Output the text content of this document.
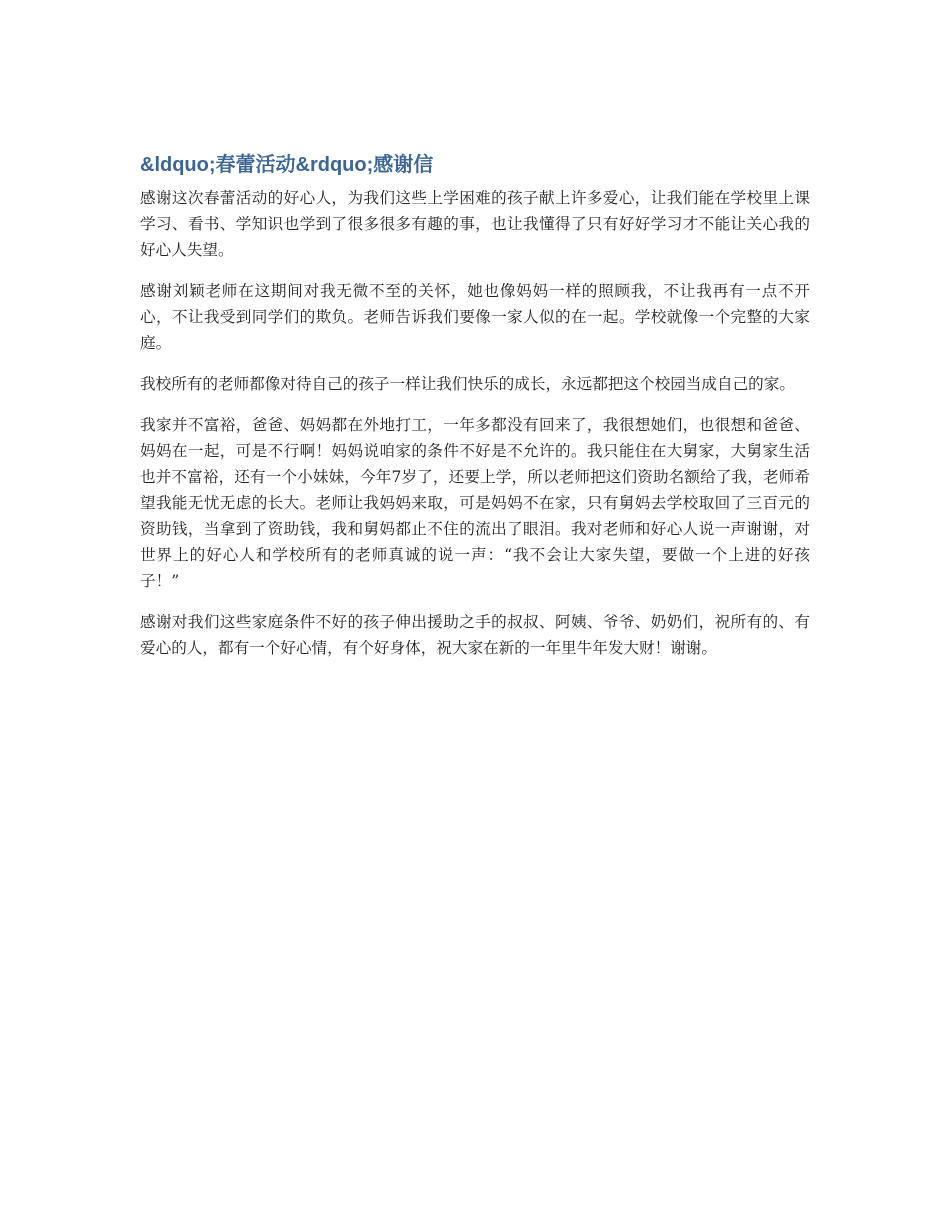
&ldquo;春蕾活动&rdquo;感谢信

感谢这次春蕾活动的好心人，为我们这些上学困难的孩子献上许多爱心，让我们能在学校里上课学习、看书、学知识也学到了很多很多有趣的事，也让我懂得了只有好好学习才不能让关心我的好心人失望。

感谢刘颖老师在这期间对我无微不至的关怀，她也像妈妈一样的照顾我，不让我再有一点不开心，不让我受到同学们的欺负。老师告诉我们要像一家人似的在一起。学校就像一个完整的大家庭。

我校所有的老师都像对待自己的孩子一样让我们快乐的成长，永远都把这个校园当成自己的家。

我家并不富裕，爸爸、妈妈都在外地打工，一年多都没有回来了，我很想她们，也很想和爸爸、妈妈在一起，可是不行啊！妈妈说咱家的条件不好是不允许的。我只能住在大舅家，大舅家生活也并不富裕，还有一个小妹妹，今年7岁了，还要上学，所以老师把这们资助名额给了我，老师希望我能无忧无虑的长大。老师让我妈妈来取，可是妈妈不在家，只有舅妈去学校取回了三百元的资助钱，当拿到了资助钱，我和舅妈都止不住的流出了眼泪。我对老师和好心人说一声谢谢，对世界上的好心人和学校所有的老师真诚的说一声：“我不会让大家失望，要做一个上进的好孩子！”

感谢对我们这些家庭条件不好的孩子伸出援助之手的叔叔、阿姨、爷爷、奶奶们，祝所有的、有爱心的人，都有一个好心情，有个好身体，祝大家在新的一年里牛年发大财！谢谢。
